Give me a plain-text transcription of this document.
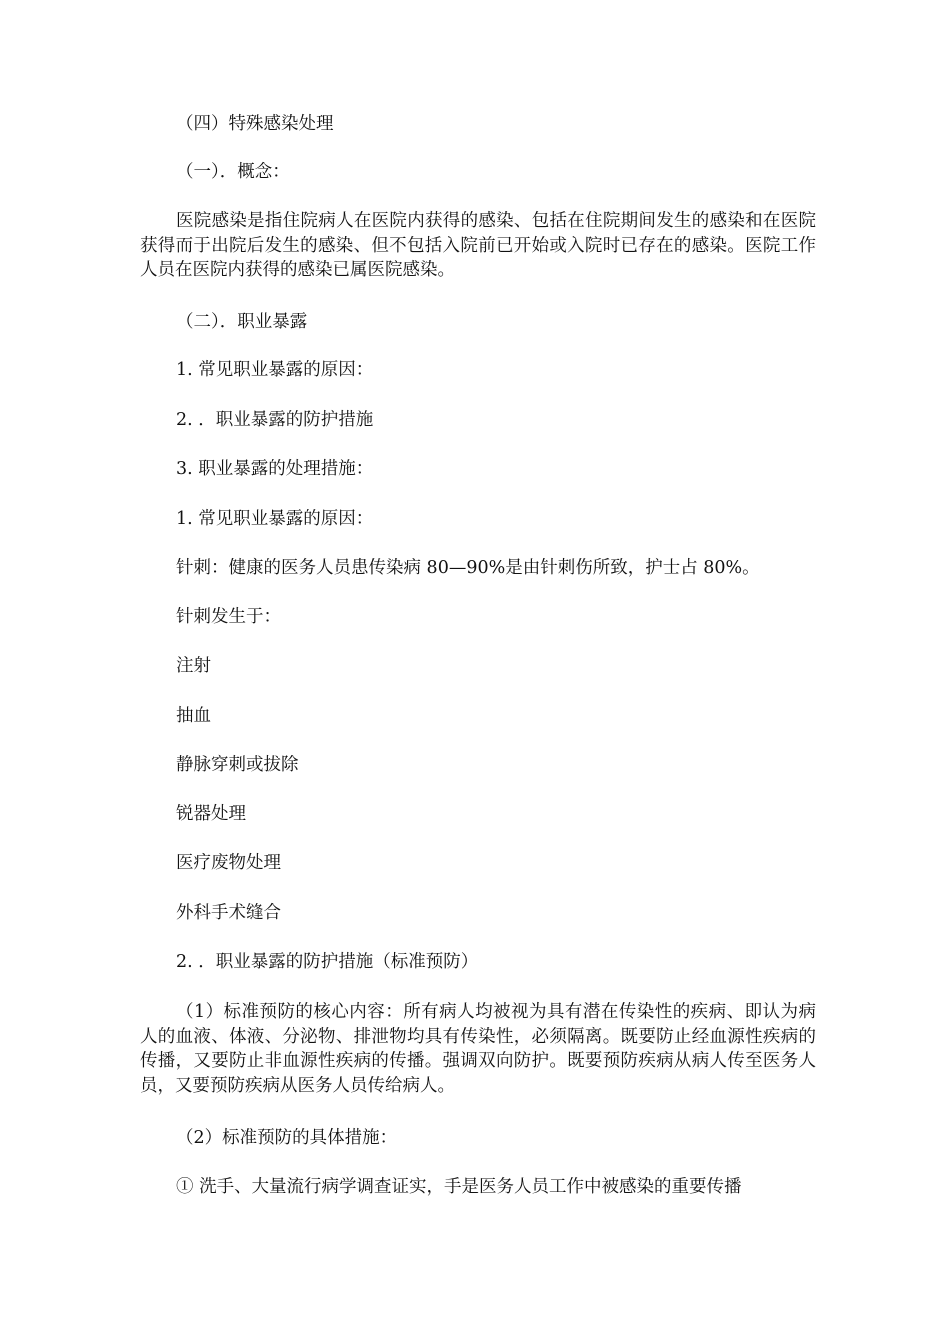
（四）特殊感染处理

（一）．概念：

医院感染是指住院病人在医院内获得的感染、包括在住院期间发生的感染和在医院获得而于出院后发生的感染、但不包括入院前已开始或入院时已存在的感染。医院工作人员在医院内获得的感染已属医院感染。

（二）．职业暴露

1. 常见职业暴露的原因：

2. ．职业暴露的防护措施

3. 职业暴露的处理措施：

1. 常见职业暴露的原因：

针刺：健康的医务人员患传染病 80—90%是由针刺伤所致，护士占 80%。

针刺发生于：

注射

抽血

静脉穿刺或拔除

锐器处理

医疗废物处理

外科手术缝合

2. ．职业暴露的防护措施（标准预防）

（1）标准预防的核心内容：所有病人均被视为具有潜在传染性的疾病、即认为病人的血液、体液、分泌物、排泄物均具有传染性，必须隔离。既要防止经血源性疾病的传播，又要防止非血源性疾病的传播。强调双向防护。既要预防疾病从病人传至医务人员，又要预防疾病从医务人员传给病人。

（2）标准预防的具体措施：

① 洗手、大量流行病学调查证实，手是医务人员工作中被感染的重要传播
